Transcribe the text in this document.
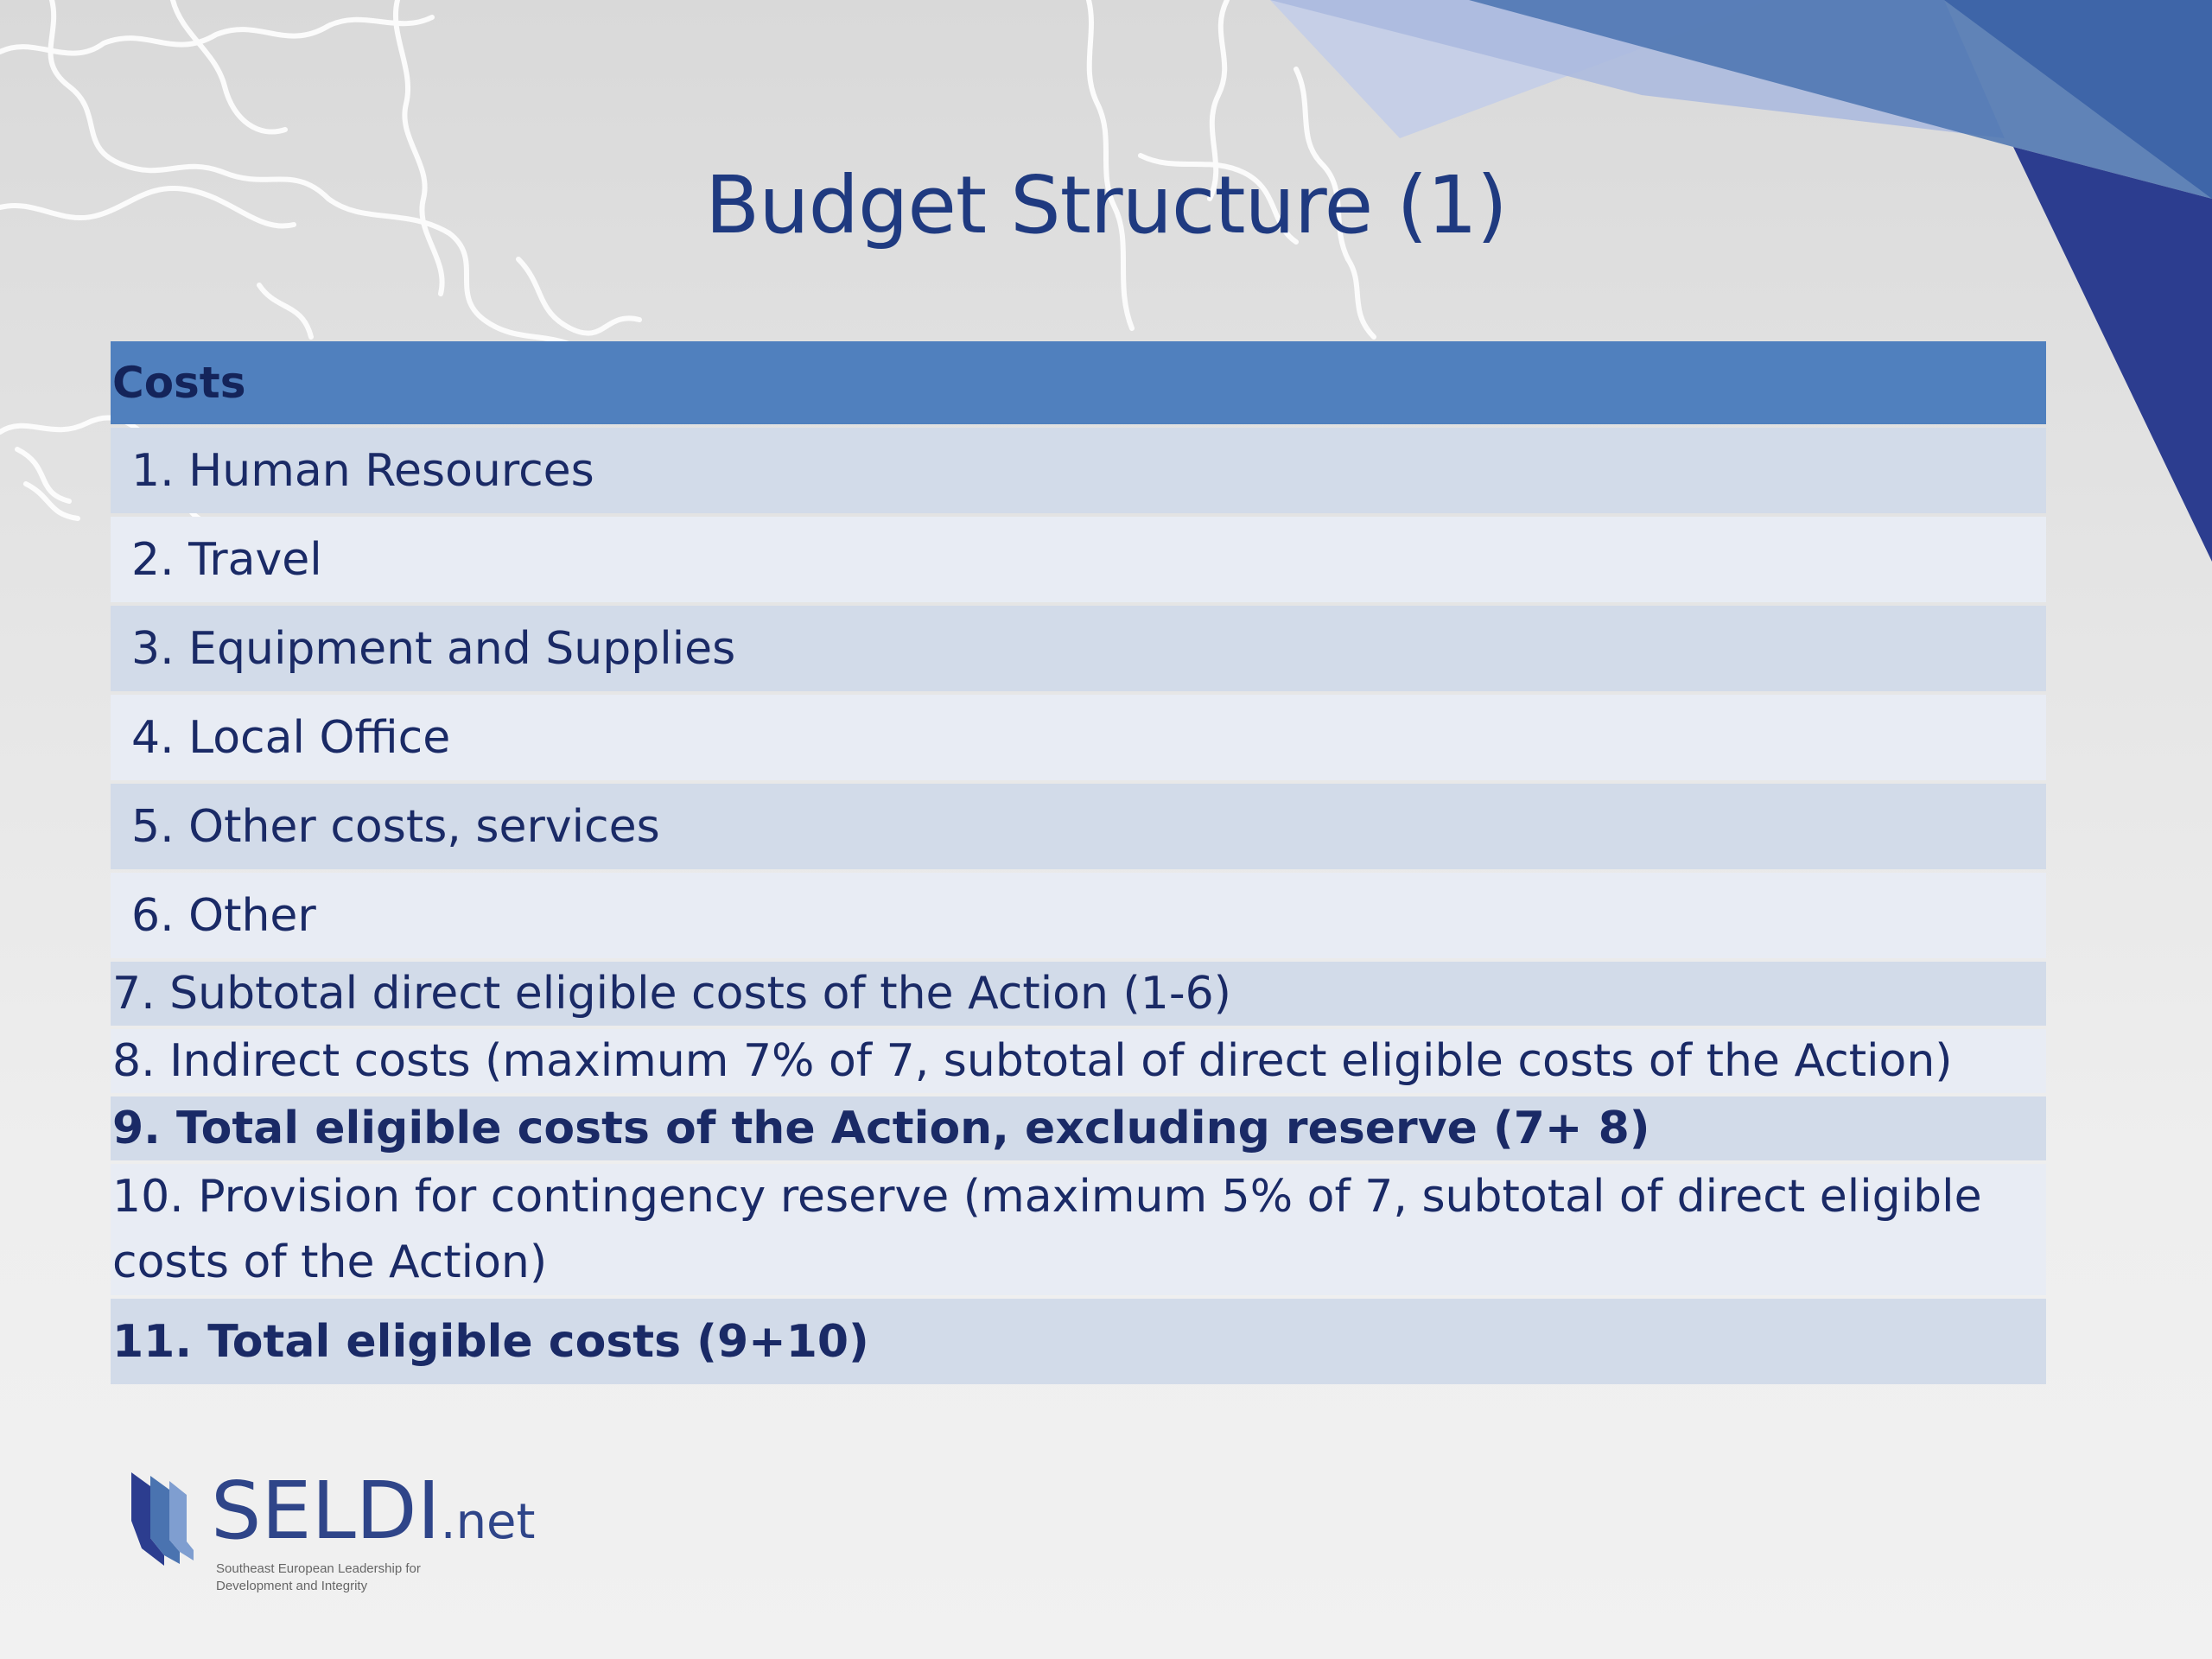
Budget Structure (1)
Costs
1. Human Resources
2. Travel
3. Equipment and Supplies
4. Local Office
5. Other costs, services
6. Other
7. Subtotal direct eligible costs of the Action (1-6)
8. Indirect costs (maximum 7% of 7, subtotal of direct eligible costs of the Action)
9. Total eligible costs of the Action, excluding reserve (7+ 8)
10. Provision for contingency reserve (maximum 5% of 7, subtotal of direct eligible costs of the Action)
11. Total eligible costs (9+10)
SELDI.net
Southeast European Leadership for Development and Integrity
